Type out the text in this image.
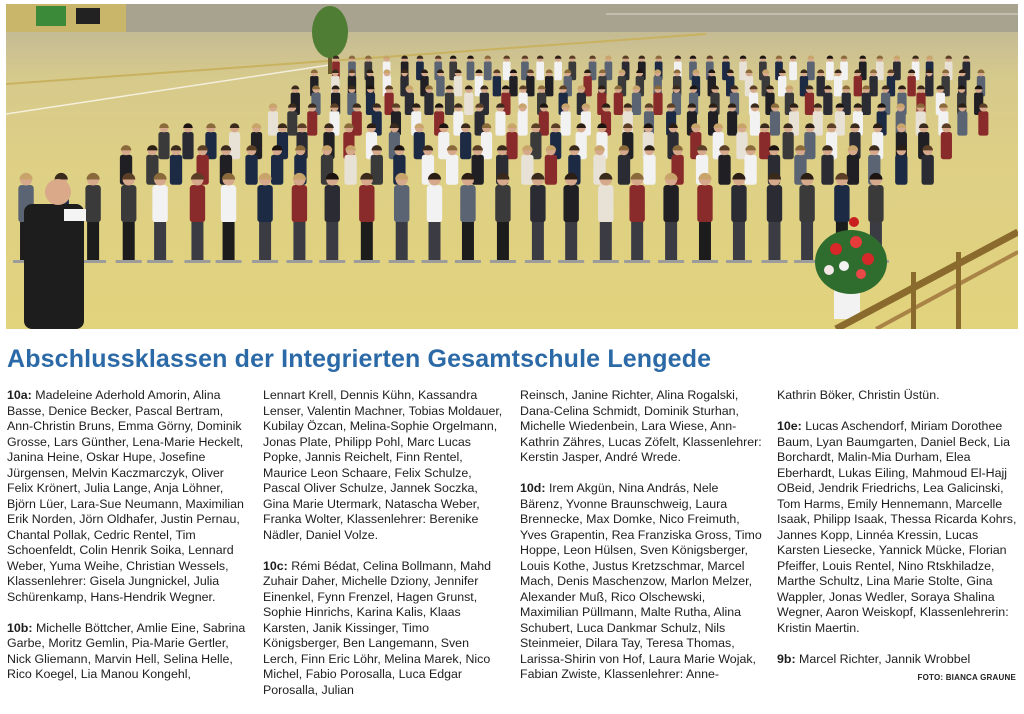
Abschlussklassen der Integrierten Gesamtschule Lengede

10a: Madeleine Aderhold Amorin, Alina Basse, Denice Becker, Pascal Bertram, Ann-Christin Bruns, Emma Görny, Dominik Grosse, Lars Günther, Lena-Marie Heckelt, Janina Heine, Oskar Hupe, Josefine Jürgensen, Melvin Kaczmarczyk, Oliver Felix Krönert, Julia Lange, Anja Löhner, Björn Lüer, Lara-Sue Neumann, Maximilian Erik Norden, Jörn Oldhafer, Justin Pernau, Chantal Pollak, Cedric Rentel, Tim Schoenfeldt, Colin Henrik Soika, Lennard Weber, Yuma Weihe, Christian Wessels, Klassenlehrer: Gisela Jungnickel, Julia Schürenkamp, Hans-Hendrik Wegner.

10b: Michelle Böttcher, Amlie Eine, Sabrina Garbe, Moritz Gemlin, Pia-Marie Gertler, Nick Gliemann, Marvin Hell, Selina Helle, Rico Koegel, Lia Manou Kongehl,

Lennart Krell, Dennis Kühn, Kassandra Lenser, Valentin Machner, Tobias Moldauer, Kubilay Özcan, Melina-Sophie Orgelmann, Jonas Plate, Philipp Pohl, Marc Lucas Popke, Jannis Reichelt, Finn Rentel, Maurice Leon Schaare, Felix Schulze, Pascal Oliver Schulze, Jannek Soczka, Gina Marie Utermark, Natascha Weber, Franka Wolter, Klassenlehrer: Berenike Nädler, Daniel Volze.

10c: Rémi Bédat, Celina Bollmann, Mahd Zuhair Daher, Michelle Dziony, Jennifer Einenkel, Fynn Frenzel, Hagen Grunst, Sophie Hinrichs, Karina Kalis, Klaas Karsten, Janik Kissinger, Timo Königsberger, Ben Langemann, Sven Lerch, Finn Eric Löhr, Melina Marek, Nico Michel, Fabio Porosalla, Luca Edgar Porosalla, Julian

Reinsch, Janine Richter, Alina Rogalski, Dana-Celina Schmidt, Dominik Sturhan, Michelle Wiedenbein, Lara Wiese, Ann-Kathrin Zähres, Lucas Zöfelt, Klassenlehrer: Kerstin Jasper, André Wrede.

10d: Irem Akgün, Nina András, Nele Bärenz, Yvonne Braunschweig, Laura Brennecke, Max Domke, Nico Freimuth, Yves Grapentin, Rea Franziska Gross, Timo Hoppe, Leon Hülsen, Sven Königsberger, Louis Kothe, Justus Kretzschmar, Marcel Mach, Denis Maschenzow, Marlon Melzer, Alexander Muß, Rico Olschewski, Maximilian Püllmann, Malte Rutha, Alina Schubert, Luca Dankmar Schulz, Nils Steinmeier, Dilara Tay, Teresa Thomas, Larissa-Shirin von Hof, Laura Marie Wojak, Fabian Zwiste, Klassenlehrer: Anne-

Kathrin Böker, Christin Üstün.

10e: Lucas Aschendorf, Miriam Dorothee Baum, Lyan Baumgarten, Daniel Beck, Lia Borchardt, Malin-Mia Durham, Elea Eberhardt, Lukas Eiling, Mahmoud El-Hajj OBeid, Jendrik Friedrichs, Lea Galicinski, Tom Harms, Emily Hennemann, Marcelle Isaak, Philipp Isaak, Thessa Ricarda Kohrs, Jannes Kopp, Linnéa Kressin, Lucas Karsten Liesecke, Yannick Mücke, Florian Pfeiffer, Louis Rentel, Nino Rtskhiladze, Marthe Schultz, Lina Marie Stolte, Gina Wappler, Jonas Wedler, Soraya Shalina Wegner, Aaron Weiskopf, Klassenlehrerin: Kristin Maertin.

9b: Marcel Richter, Jannik Wrobbel

FOTO: BIANCA GRAUNE
